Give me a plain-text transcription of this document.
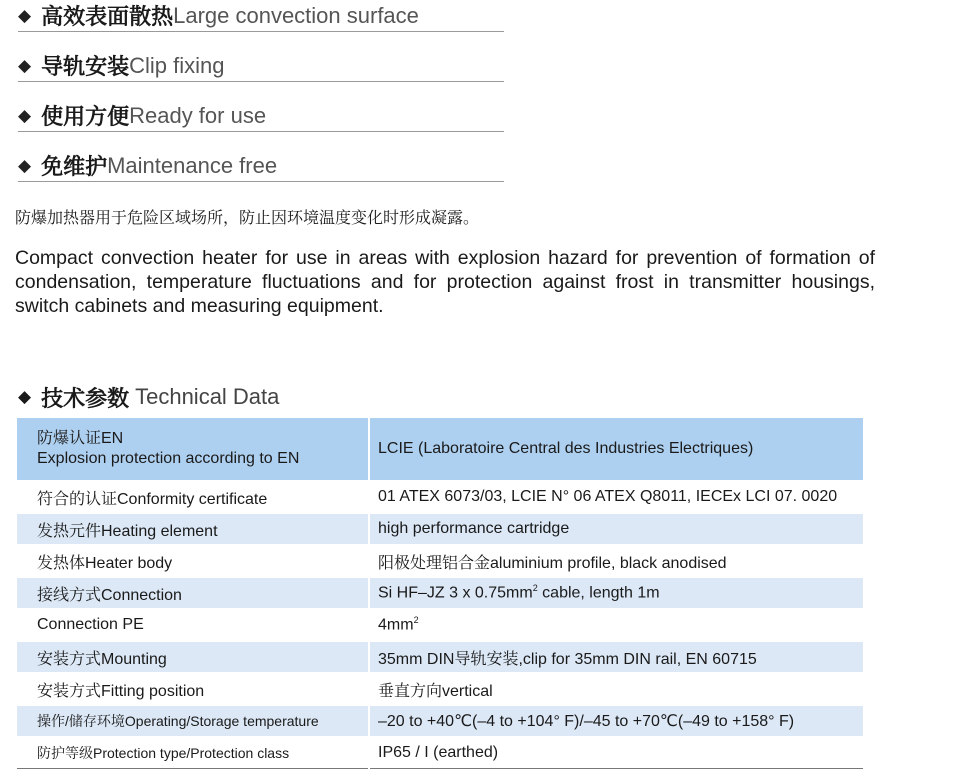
◆ 高效表面散热 Large convection surface
◆ 导轨安装 Clip fixing
◆ 使用方便 Ready for use
◆ 免维护 Maintenance free
防爆加热器用于危险区域场所，防止因环境温度变化时形成凝露。

Compact convection heater for use in areas with explosion hazard for prevention of formation of condensation, temperature fluctuations and for protection against frost in transmitter housings, switch cabinets and measuring equipment.

◆ 技术参数 Technical Data
防爆认证EN
Explosion protection according to EN	LCIE (Laboratoire Central des Industries Electriques)
符合的认证Conformity certificate	01 ATEX 6073/03, LCIE N° 06 ATEX Q8011, IECEx LCI 07. 0020
发热元件Heating element	high performance cartridge
发热体Heater body	阳极处理铝合金aluminium profile, black anodised
接线方式Connection	Si HF–JZ 3 x $0.75mm^2$ cable, length 1m
Connection PE	$4mm^2$
安装方式Mounting	35mm DIN导轨安装,clip for 35mm DIN rail, EN 60715
安装方式Fitting position	垂直方向vertical
操作/储存环境Operating/Storage temperature	–20 to +40℃(–4 to +104° F)/–45 to +70℃(–49 to +158° F)
防护等级Protection type/Protection class	IP65 / I (earthed)
